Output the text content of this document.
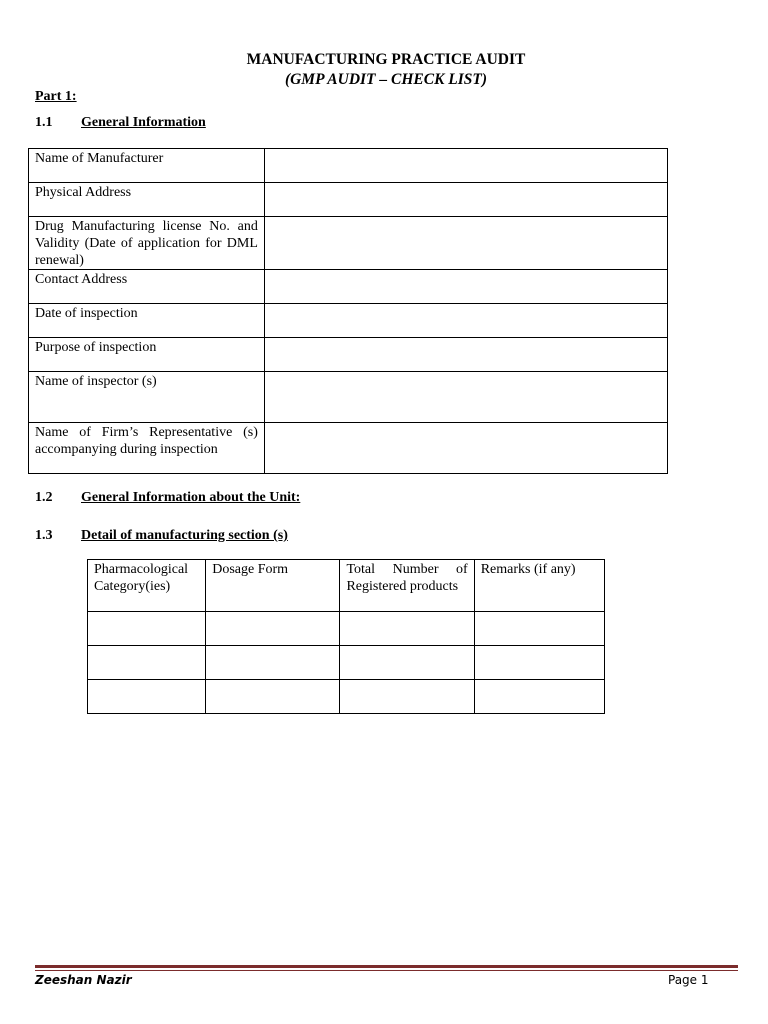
MANUFACTURING PRACTICE AUDIT
(GMP AUDIT – CHECK LIST)
Part 1:
1.1 General Information
Name of Manufacturer	
Physical Address	
Drug Manufacturing license No. and Validity (Date of application for DML renewal)	
Contact Address	
Date of inspection	
Purpose of inspection	
Name of inspector (s)	
Name of Firm’s Representative (s) accompanying during inspection	
1.2 General Information about the Unit:
1.3 Detail of manufacturing section (s)
Pharmacological Category(ies)	Dosage Form	Total Number of Registered products	Remarks (if any)

Zeeshan Nazir	Page 1
